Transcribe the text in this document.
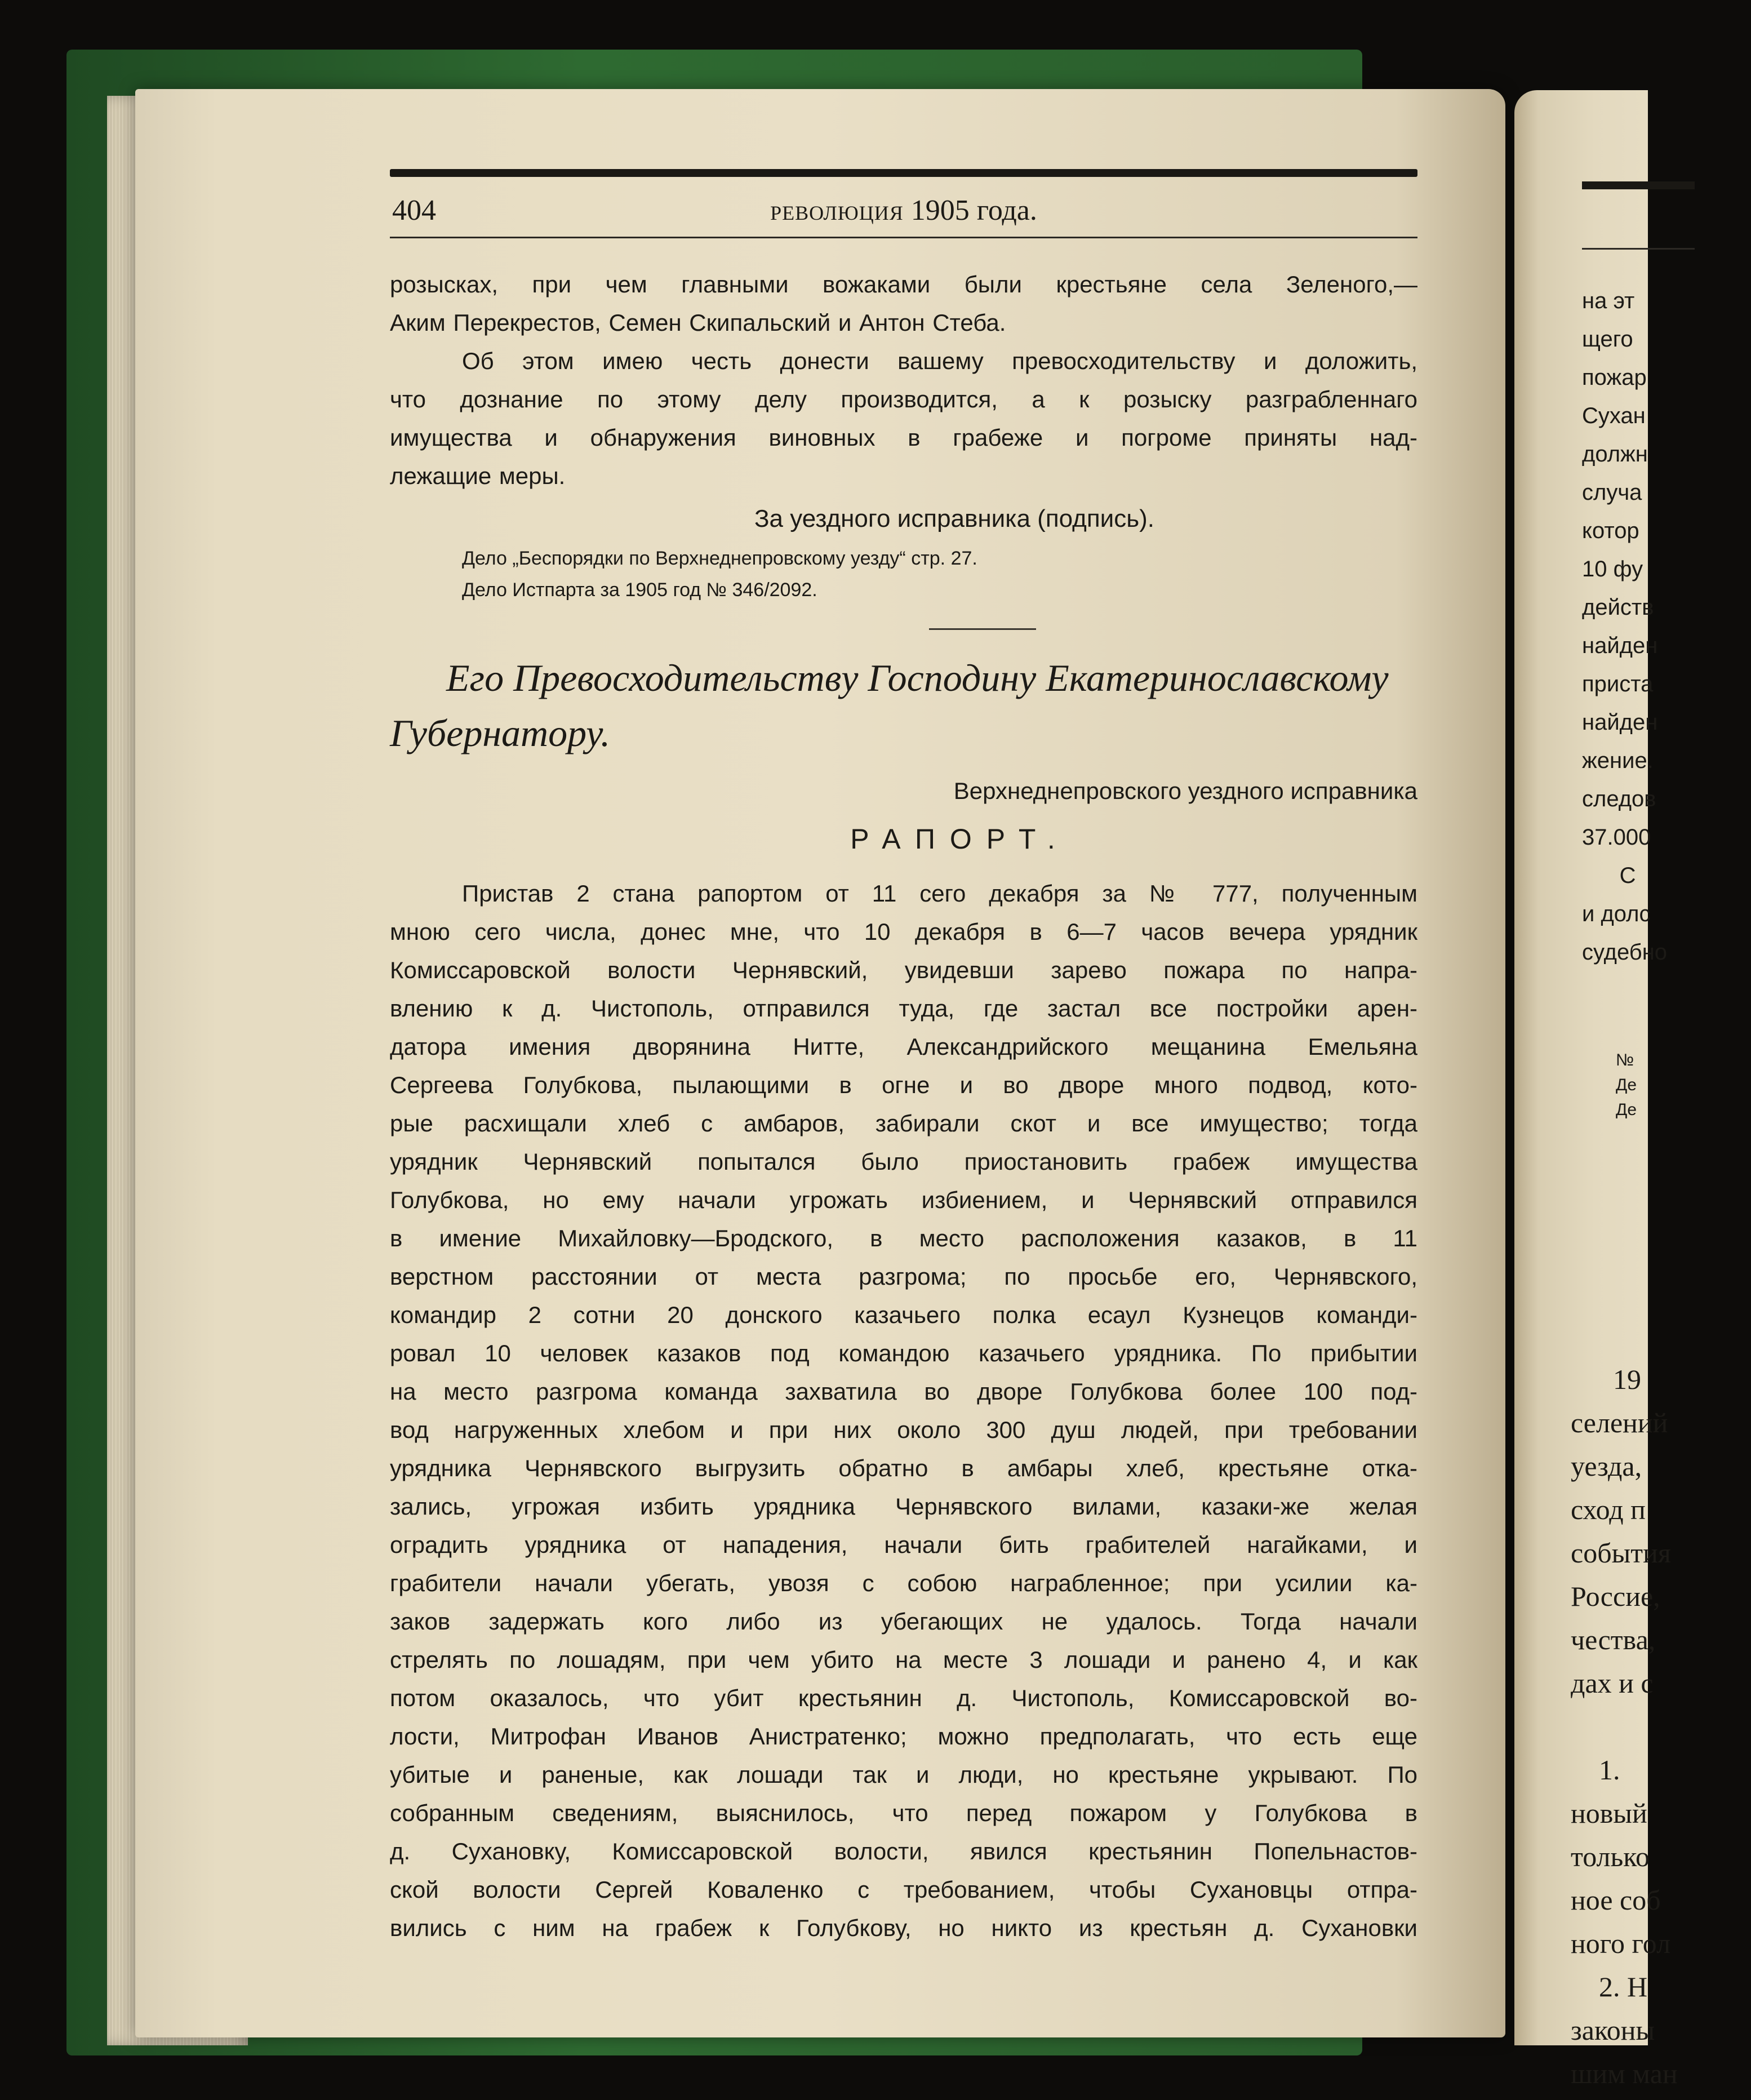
404	революция 1905 года.

розысках, при чем главными вожаками были крестьяне села Зеленого,—

Аким Перекрестов, Семен Скипальский и Антон Стеба.

Об этом имею честь донести вашему превосходительству и доложить,

что дознание по этому делу производится, а к розыску разграбленнаго

имущества и обнаружения виновных в грабеже и погроме приняты над-

лежащие меры.

За уездного исправника (подпись).

Дело „Беспорядки по Верхнеднепровскому уезду“ стр. 27.

Дело Истпарта за 1905 год № 346/2092.

Его Превосходительству Господину Екатеринославскому

Губернатору.

Верхнеднепровского уездного исправника

РАПОРТ.

Пристав 2 стана рапортом от 11 сего декабря за № 777, полученным
мною сего числа, донес мне, что 10 декабря в 6—7 часов вечера урядник
Комиссаровской волости Чернявский, увидевши зарево пожара по напра-
влению к д. Чистополь, отправился туда, где застал все постройки арен-
датора имения дворянина Нитте, Александрийского мещанина Емельяна
Сергеева Голубкова, пылающими в огне и во дворе много подвод, кото-
рые расхищали хлеб с амбаров, забирали скот и все имущество; тогда
урядник Чернявский попытался было приостановить грабеж имущества
Голубкова, но ему начали угрожать избиением, и Чернявский отправился
в имение Михайловку—Бродского, в место расположения казаков, в 11
верстном расстоянии от места разгрома; по просьбе его, Чернявского,
командир 2 сотни 20 донского казачьего полка есаул Кузнецов команди-
ровал 10 человек казаков под командою казачьего урядника. По прибытии
на место разгрома команда захватила во дворе Голубкова более 100 под-
вод нагруженных хлебом и при них около 300 душ людей, при требовании
урядника Чернявского выгрузить обратно в амбары хлеб, крестьяне отка-
зались, угрожая избить урядника Чернявского вилами, казаки-же желая
оградить урядника от нападения, начали бить грабителей нагайками, и
грабители начали убегать, увозя с собою награбленное; при усилии ка-
заков задержать кого либо из убегающих не удалось. Тогда начали
стрелять по лошадям, при чем убито на месте 3 лошади и ранено 4, и как
потом оказалось, что убит крестьянин д. Чистополь, Комиссаровской во-
лости, Митрофан Иванов Анистратенко; можно предполагать, что есть еще
убитые и раненые, как лошади так и люди, но крестьяне укрывают. По
собранным сведениям, выяснилось, что перед пожаром у Голубкова в
д. Сухановку, Комиссаровской волости, явился крестьянин Попельнастов-
ской волости Сергей Коваленко с требованием, чтобы Сухановцы отпра-
вились с ним на грабеж к Голубкову, но никто из крестьян д. Сухановки
на эт
щего
пожар
Сухан
должн
случа
котор
10 фу
действ
найден
приста
найден
жение.
следов
37.000
С
и долс
судебно
№
Де
Де
19
селений
уезда,
сход п
события
Россие,
чества,
дах и с
1.
новый
только
ное соб
ного гол
2. Н
законы
шим ман
